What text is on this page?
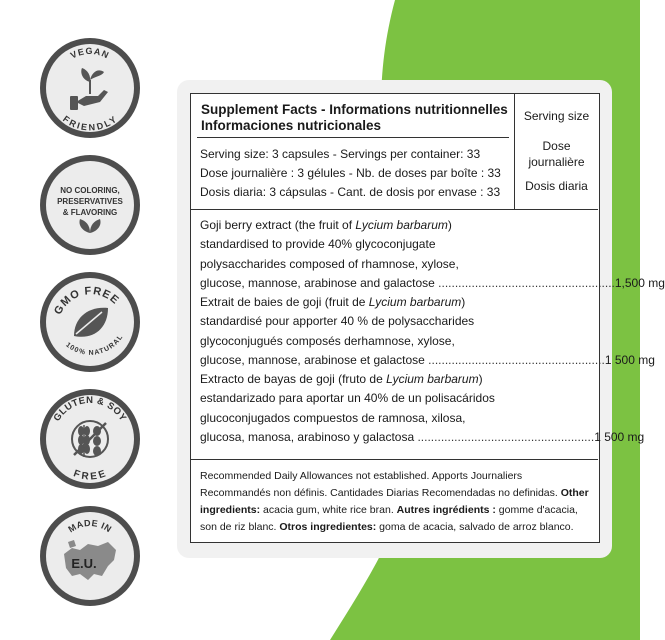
VEGAN
FRIENDLY
NO COLORING,
PRESERVATIVES
& FLAVORING
GMO FREE
100% NATURAL
GLUTEN & SOY
FREE
MADE IN
E.U.
Supplement Facts - Informations nutritionnelles
Informaciones nutricionales
Serving size: 3 capsules - Servings per container: 33
Dose journalière : 3 gélules - Nb. de doses par boîte : 33
Dosis diaria: 3 cápsulas - Cant. de dosis por envase : 33
Serving size
Dose
journalière
Dosis diaria
Goji berry extract (the fruit of Lycium barbarum)
standardised to provide 40% glycoconjugate
polysaccharides composed of rhamnose, xylose,
glucose, mannose, arabinose and galactose ..................................................... 1,500 mg
Extrait de baies de goji (fruit de Lycium barbarum)
standardisé pour apporter 40 % de polysaccharides
glycoconjugués composés derhamnose, xylose,
glucose, mannose, arabinose et galactose ..................................................... 1 500 mg
Extracto de bayas de goji (fruto de Lycium barbarum)
estandarizado para aportar un 40% de un polisacáridos
glucoconjugados compuestos de ramnosa, xilosa,
glucosa, manosa, arabinoso y galactosa ..................................................... 1 500 mg
Recommended Daily Allowances not established. Apports Journaliers Recommandés non définis. Cantidades Diarias Recomendadas no definidas. Other ingredients: acacia gum, white rice bran. Autres ingrédients : gomme d'acacia, son de riz blanc. Otros ingredientes: goma de acacia, salvado de arroz blanco.
